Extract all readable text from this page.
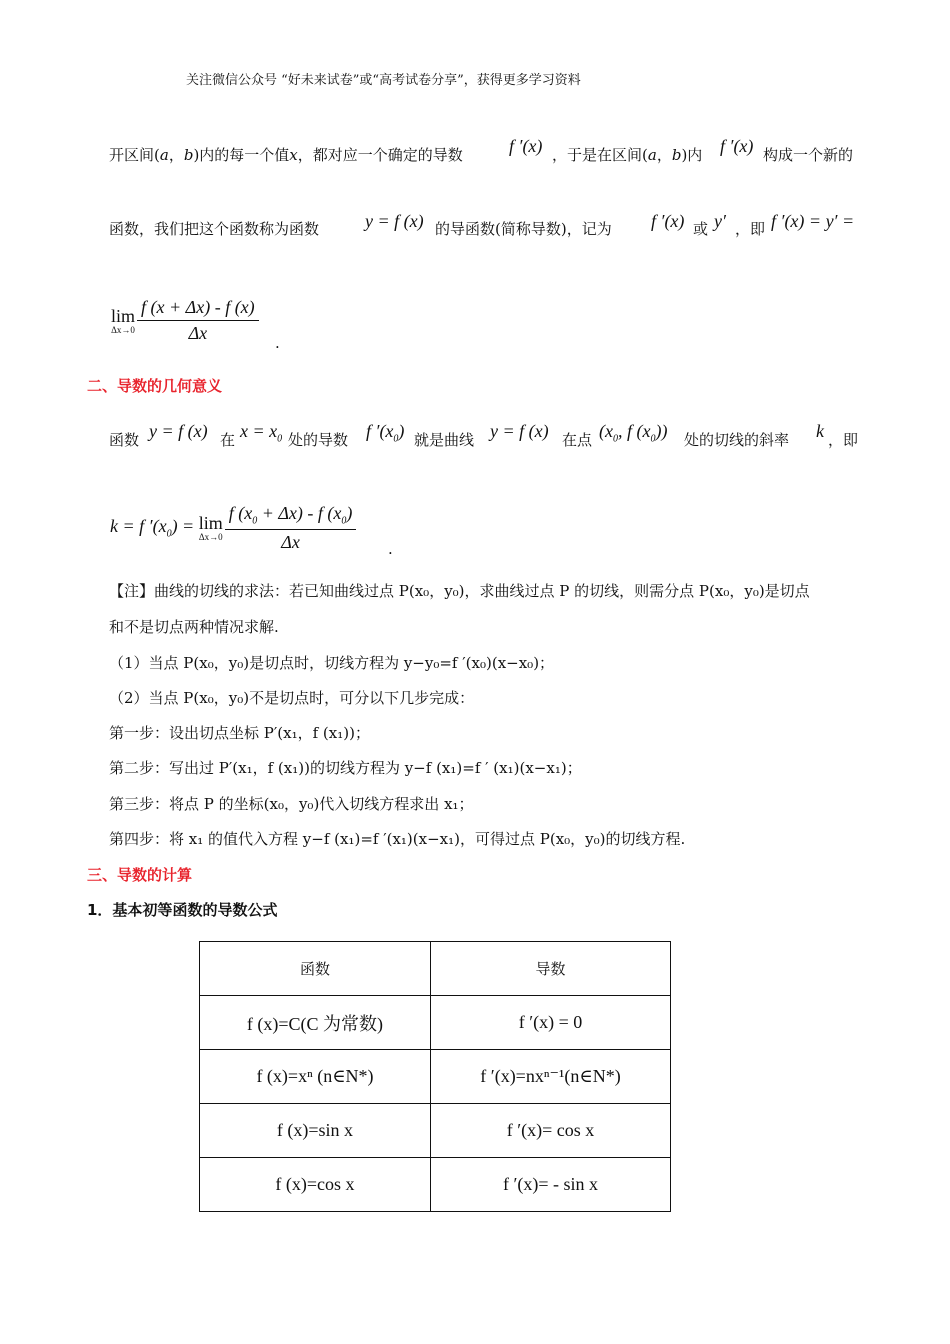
关注微信公众号 “好未来试卷”或“高考试卷分享”，获得更多学习资料
开区间(a，b)内的每一个值x，都对应一个确定的导数	f ′(x) ，于是在区间(a，b)内 f ′(x) 构成一个新的
函数，我们把这个函数称为函数	y = f (x) 的导函数(简称导数)，记为 f ′(x) 或 y′ ，即 f ′(x) = y′ =
lim
$\Delta x\to 0 \frac{f (x + \Delta x) - f (x)}{\Delta x}$ .
二、导数的几何意义
函数 y = f (x) 在 $x = x_0$ 处的导数 f $'(x_0)$ 就是曲线 y = f (x) 在点 ($x_0$, f $(x_0)$) 处的切线的斜率 k ，即
k = f $'(x_0) = \lim$
$\Delta x\to 0 \frac{f (x_0 + \Delta x) - f (x_0)}{\Delta x}$ .
【注】曲线的切线的求法：若已知曲线过点 P(x₀，y₀)，求曲线过点 P 的切线，则需分点 P(x₀，y₀)是切点
和不是切点两种情况求解.
（1）当点 P(x₀，y₀)是切点时，切线方程为 y−y₀=f ′(x₀)(x−x₀)；
（2）当点 P(x₀，y₀)不是切点时，可分以下几步完成：
第一步：设出切点坐标 P′(x₁，f (x₁))；
第二步：写出过 P′(x₁，f (x₁))的切线方程为 y−f (x₁)=f ′ (x₁)(x−x₁)；
第三步：将点 P 的坐标(x₀，y₀)代入切线方程求出 x₁；
第四步：将 x₁ 的值代入方程 y−f (x₁)=f ′(x₁)(x−x₁)，可得过点 P(x₀，y₀)的切线方程.
三、导数的计算
1．基本初等函数的导数公式
函数	导数
f (x)=C(C 为常数)	f ′(x) = 0
f (x)=xⁿ (n∈N*)	f ′(x)=nxⁿ⁻¹(n∈N*)
f (x)=sin x	f ′(x)= cos x
f (x)=cos x	f ′(x)= - sin x
